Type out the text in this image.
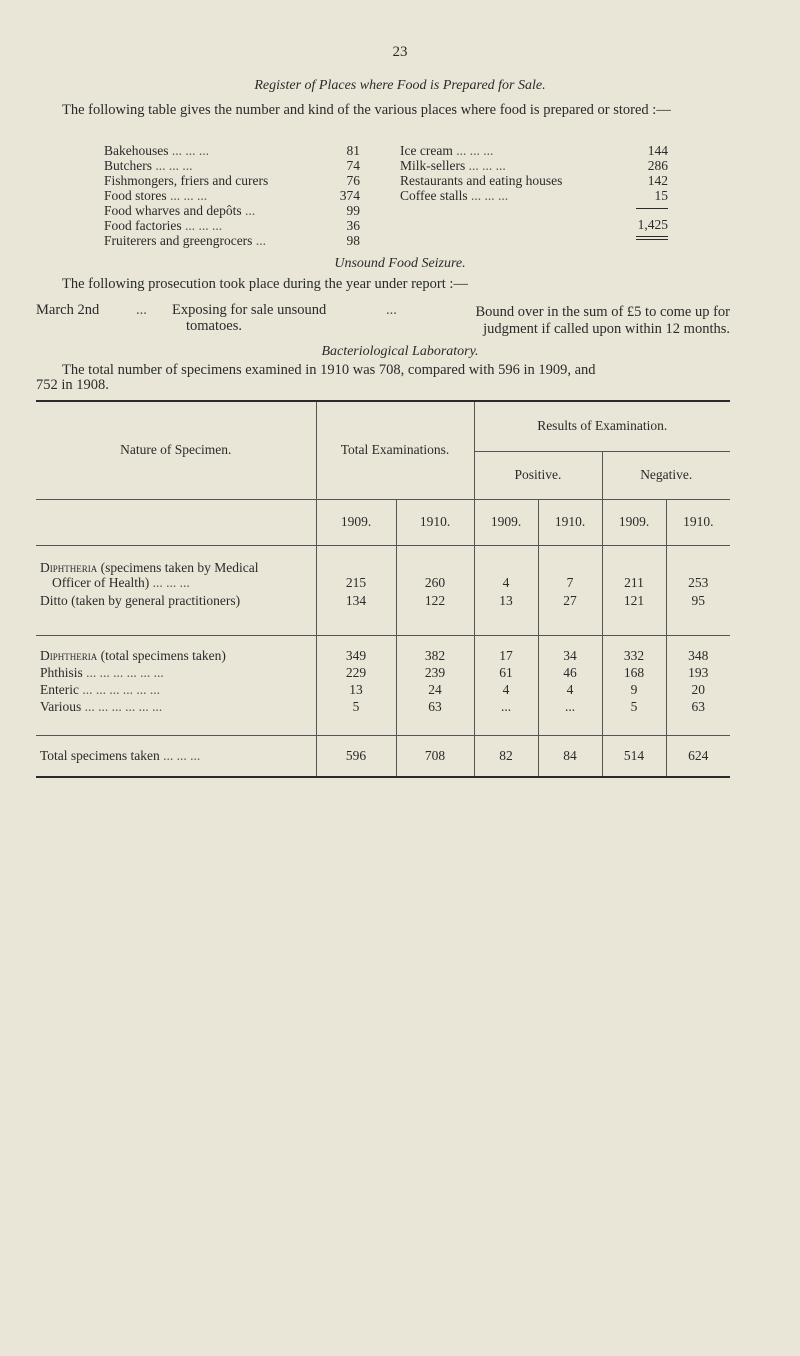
23
Register of Places where Food is Prepared for Sale.
The following table gives the number and kind of the various places where food is prepared or stored :—
Bakehouses ... ... ...	81
Butchers ... ... ...	74
Fishmongers, friers and curers	76
Food stores ... ... ...	374
Food wharves and depôts ...	99
Food factories ... ... ...	36
Fruiterers and greengrocers ...	98
Ice cream ... ... ...	144
Milk-sellers ... ... ...	286
Restaurants and eating houses	142
Coffee stalls ... ... ...	15
1,425
Unsound Food Seizure.
The following prosecution took place during the year under report :—
March 2nd	... Exposing for sale unsound
tomatoes.
...	Bound over in the sum of £5 to come up for
judgment if called upon within 12 months.
Bacteriological Laboratory.
The total number of specimens examined in 1910 was 708, compared with 596 in 1909, and
752 in 1908.
Nature of Specimen.	Total Examinations.		Results of Examination.			
			Positive.		Negative.	
	1909.	1910.	1909.	1910.	1909.	1910.

Diphtheria (specimens taken by Medical
Officer of Health) ... ... ...	215	260	4	7	211	253
Ditto (taken by general practitioners)	134	122	13	27	121	95

Diphtheria (total specimens taken)	349	382	17	34	332	348
Phthisis ... ... ... ... ... ...	229	239	61	46	168	193
Enteric ... ... ... ... ... ...	13	24	4	4	9	20
Various ... ... ... ... ... ...	5	63	...	...	5	63

Total specimens taken ... ... ...	596	708	82	84	514	624
